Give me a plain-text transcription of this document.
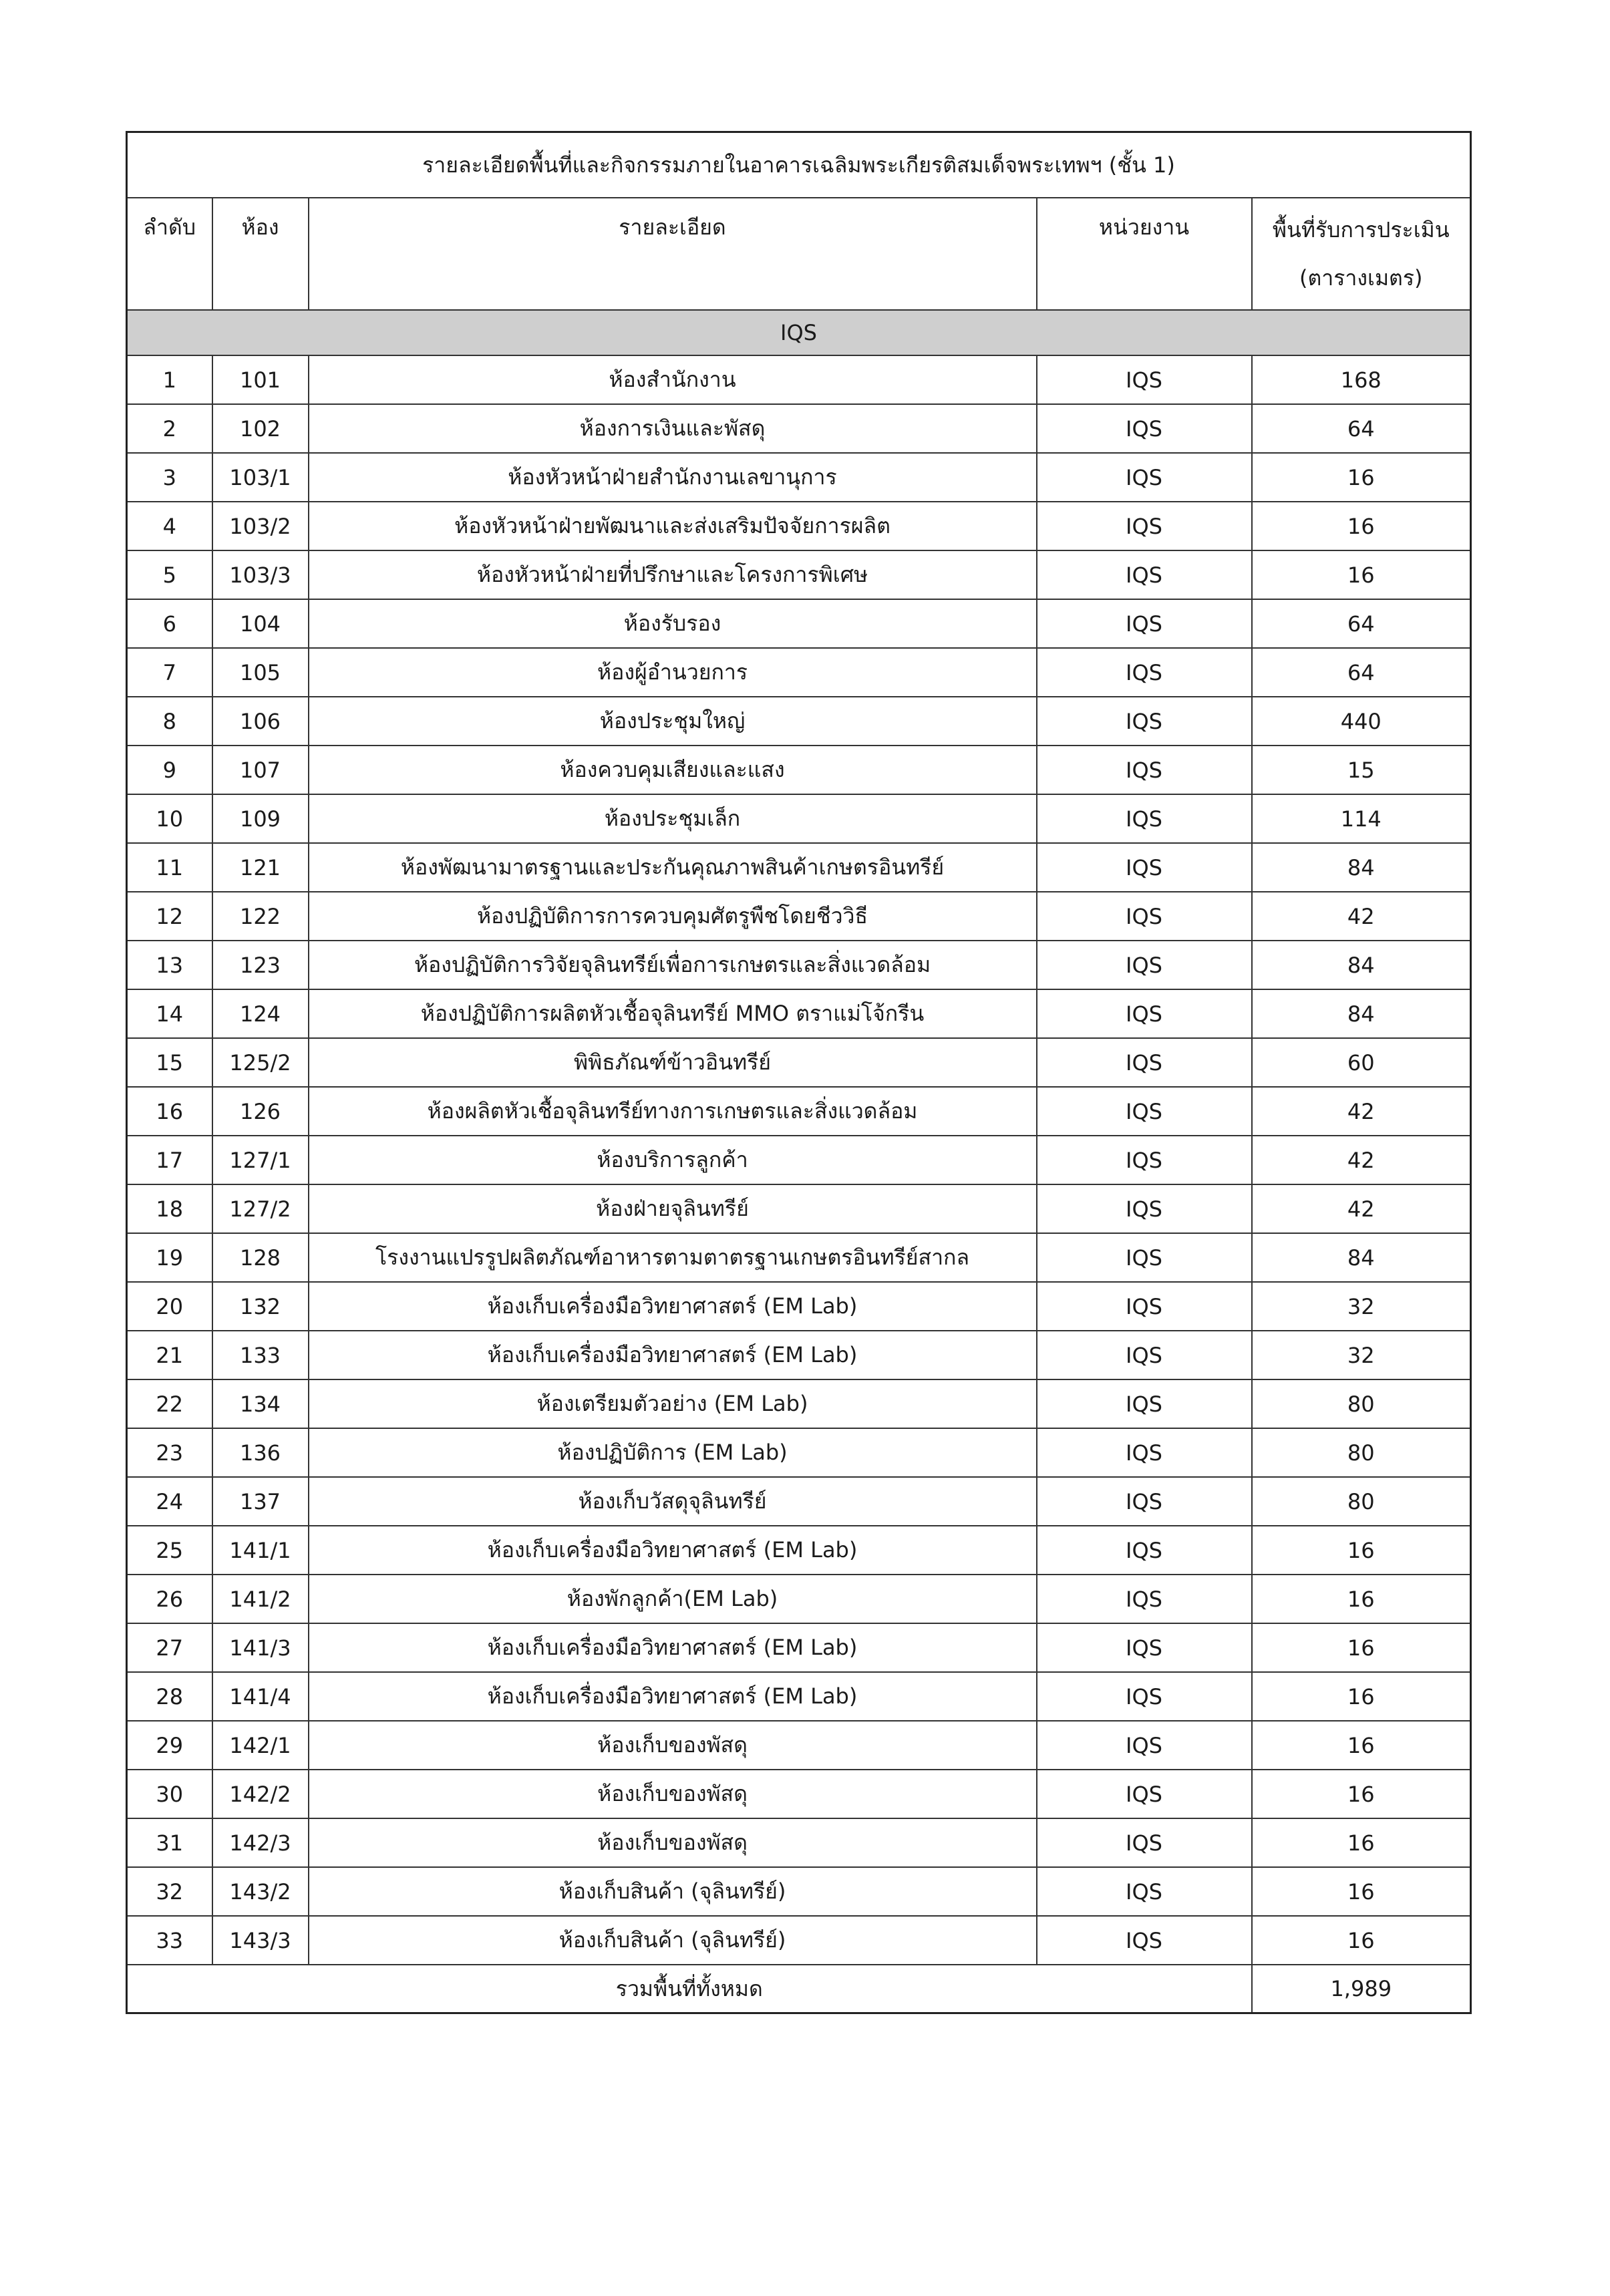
รายละเอียดพื้นที่และกิจกรรมภายในอาคารเฉลิมพระเกียรติสมเด็จพระเทพฯ (ชั้น 1)				
ลำดับ	ห้อง	รายละเอียด	หน่วยงาน	พื้นที่รับการประเมิน
(ตารางเมตร)

IQS				
1	101	ห้องสำนักงาน	IQS	168
2	102	ห้องการเงินและพัสดุ	IQS	64
3	103/1	ห้องหัวหน้าฝ่ายสำนักงานเลขานุการ	IQS	16
4	103/2	ห้องหัวหน้าฝ่ายพัฒนาและส่งเสริมปัจจัยการผลิต	IQS	16
5	103/3	ห้องหัวหน้าฝ่ายที่ปรึกษาและโครงการพิเศษ	IQS	16
6	104	ห้องรับรอง	IQS	64
7	105	ห้องผู้อำนวยการ	IQS	64
8	106	ห้องประชุมใหญ่	IQS	440
9	107	ห้องควบคุมเสียงและแสง	IQS	15
10	109	ห้องประชุมเล็ก	IQS	114
11	121	ห้องพัฒนามาตรฐานและประกันคุณภาพสินค้าเกษตรอินทรีย์	IQS	84
12	122	ห้องปฏิบัติการการควบคุมศัตรูพืชโดยชีววิธี	IQS	42
13	123	ห้องปฏิบัติการวิจัยจุลินทรีย์เพื่อการเกษตรและสิ่งแวดล้อม	IQS	84
14	124	ห้องปฏิบัติการผลิตหัวเชื้อจุลินทรีย์ MMO ตราแม่โจ้กรีน	IQS	84
15	125/2	พิพิธภัณฑ์ข้าวอินทรีย์	IQS	60
16	126	ห้องผลิตหัวเชื้อจุลินทรีย์ทางการเกษตรและสิ่งแวดล้อม	IQS	42
17	127/1	ห้องบริการลูกค้า	IQS	42
18	127/2	ห้องฝ่ายจุลินทรีย์	IQS	42
19	128	โรงงานแปรรูปผลิตภัณฑ์อาหารตามตาตรฐานเกษตรอินทรีย์สากล	IQS	84
20	132	ห้องเก็บเครื่องมือวิทยาศาสตร์ (EM Lab)	IQS	32
21	133	ห้องเก็บเครื่องมือวิทยาศาสตร์ (EM Lab)	IQS	32
22	134	ห้องเตรียมตัวอย่าง (EM Lab)	IQS	80
23	136	ห้องปฏิบัติการ (EM Lab)	IQS	80
24	137	ห้องเก็บวัสดุจุลินทรีย์	IQS	80
25	141/1	ห้องเก็บเครื่องมือวิทยาศาสตร์ (EM Lab)	IQS	16
26	141/2	ห้องพักลูกค้า(EM Lab)	IQS	16
27	141/3	ห้องเก็บเครื่องมือวิทยาศาสตร์ (EM Lab)	IQS	16
28	141/4	ห้องเก็บเครื่องมือวิทยาศาสตร์ (EM Lab)	IQS	16
29	142/1	ห้องเก็บของพัสดุ	IQS	16
30	142/2	ห้องเก็บของพัสดุ	IQS	16
31	142/3	ห้องเก็บของพัสดุ	IQS	16
32	143/2	ห้องเก็บสินค้า (จุลินทรีย์)	IQS	16
33	143/3	ห้องเก็บสินค้า (จุลินทรีย์)	IQS	16
รวมพื้นที่ทั้งหมด				1,989
